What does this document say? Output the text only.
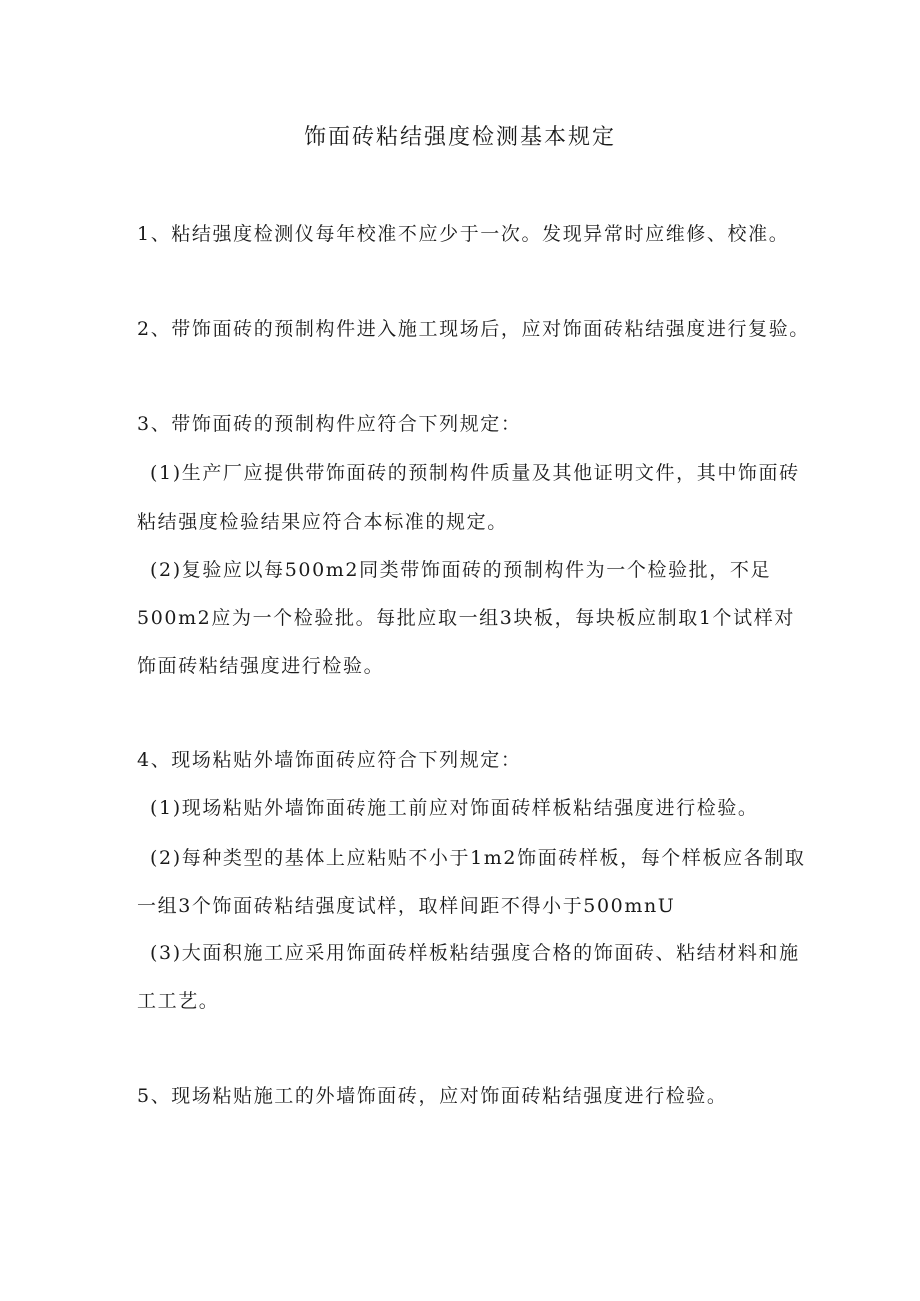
饰面砖粘结强度检测基本规定
1、粘结强度检测仪每年校准不应少于一次。发现异常时应维修、校准。
2、带饰面砖的预制构件进入施工现场后，应对饰面砖粘结强度进行复验。
3、带饰面砖的预制构件应符合下列规定：
(1)生产厂应提供带饰面砖的预制构件质量及其他证明文件，其中饰面砖
粘结强度检验结果应符合本标准的规定。
(2)复验应以每500m2同类带饰面砖的预制构件为一个检验批，不足
500m2应为一个检验批。每批应取一组3块板，每块板应制取1个试样对
饰面砖粘结强度进行检验。
4、现场粘贴外墙饰面砖应符合下列规定：
(1)现场粘贴外墙饰面砖施工前应对饰面砖样板粘结强度进行检验。
(2)每种类型的基体上应粘贴不小于1m2饰面砖样板，每个样板应各制取
一组3个饰面砖粘结强度试样，取样间距不得小于500mnU
(3)大面积施工应采用饰面砖样板粘结强度合格的饰面砖、粘结材料和施
工工艺。
5、现场粘贴施工的外墙饰面砖，应对饰面砖粘结强度进行检验。
